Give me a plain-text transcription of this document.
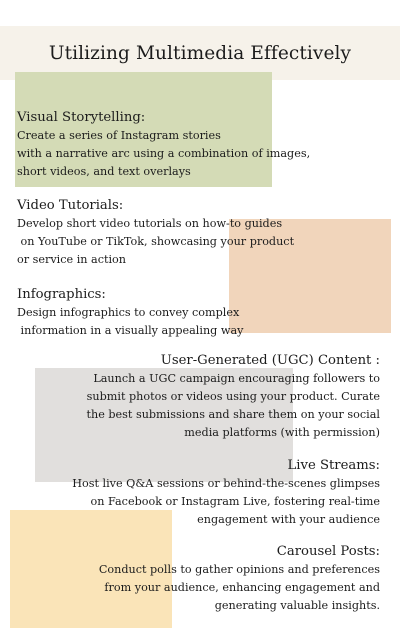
Utilizing Multimedia Effectively
Visual Storytelling:
Create a series of Instagram stories
with a narrative arc using a combination of images,
short videos, and text overlays
Video Tutorials:
Develop short video tutorials on how-to guides
on YouTube or TikTok, showcasing your product
or service in action
Infographics:
Design infographics to convey complex
information in a visually appealing way
User-Generated (UGC) Content :
Launch a UGC campaign encouraging followers to
submit photos or videos using your product. Curate
the best submissions and share them on your social
media platforms (with permission)
Live Streams:
Host live Q&A sessions or behind-the-scenes glimpses
on Facebook or Instagram Live, fostering real-time
engagement with your audience
Carousel Posts:
Conduct polls to gather opinions and preferences
from your audience, enhancing engagement and
generating valuable insights.
